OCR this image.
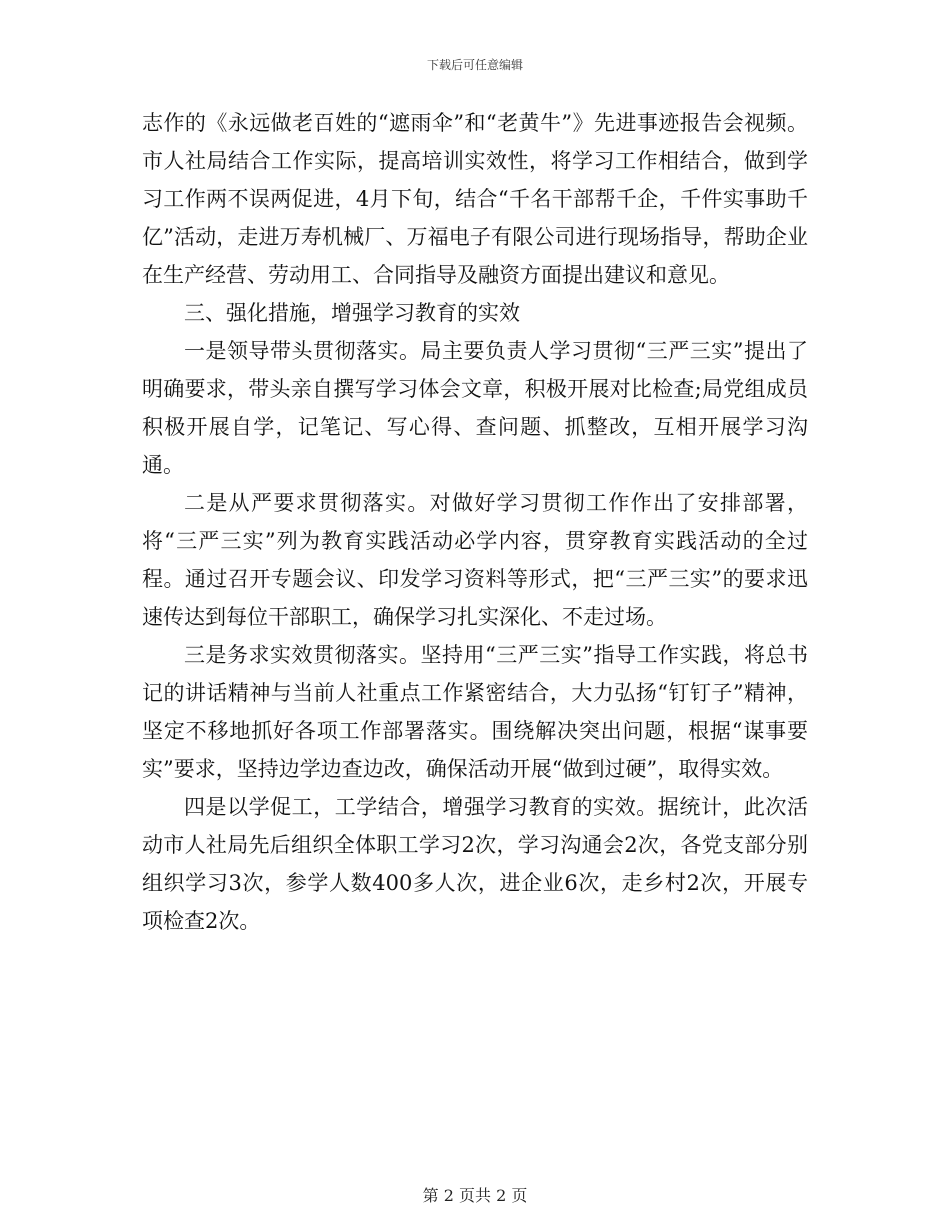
下载后可任意编辑

志作的《永远做老百姓的“遮雨伞”和“老黄牛”》先进事迹报告会视频。市人社局结合工作实际，提高培训实效性，将学习工作相结合，做到学习工作两不误两促进，4月下旬，结合“千名干部帮千企，千件实事助千亿”活动，走进万寿机械厂、万福电子有限公司进行现场指导，帮助企业在生产经营、劳动用工、合同指导及融资方面提出建议和意见。

三、强化措施，增强学习教育的实效

一是领导带头贯彻落实。局主要负责人学习贯彻“三严三实”提出了明确要求，带头亲自撰写学习体会文章，积极开展对比检查;局党组成员积极开展自学，记笔记、写心得、查问题、抓整改，互相开展学习沟通。

二是从严要求贯彻落实。对做好学习贯彻工作作出了安排部署，将“三严三实”列为教育实践活动必学内容，贯穿教育实践活动的全过程。通过召开专题会议、印发学习资料等形式，把“三严三实”的要求迅速传达到每位干部职工，确保学习扎实深化、不走过场。

三是务求实效贯彻落实。坚持用“三严三实”指导工作实践，将总书记的讲话精神与当前人社重点工作紧密结合，大力弘扬“钉钉子”精神，坚定不移地抓好各项工作部署落实。围绕解决突出问题，根据“谋事要实”要求，坚持边学边查边改，确保活动开展“做到过硬”，取得实效。

四是以学促工，工学结合，增强学习教育的实效。据统计，此次活动市人社局先后组织全体职工学习2次，学习沟通会2次，各党支部分别组织学习3次，参学人数400多人次，进企业6次，走乡村2次，开展专项检查2次。

第 2 页共 2 页
